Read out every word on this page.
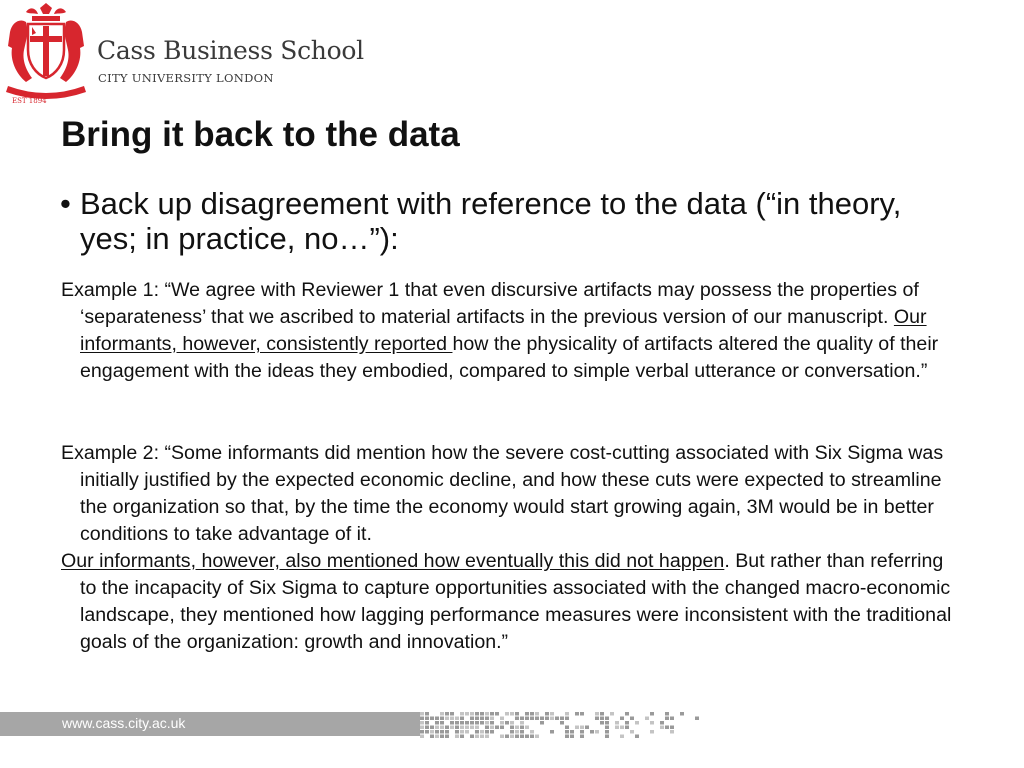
EST 1894
Cass Business School
CITY UNIVERSITY LONDON
Bring it back to the data
• Back up disagreement with reference to the data (“in theory, yes; in practice, no…”):

Example 1: “We agree with Reviewer 1 that even discursive artifacts may possess the properties of ‘separateness’ that we ascribed to material artifacts in the previous version of our manuscript. Our informants, however, consistently reported how the physicality of artifacts altered the quality of their engagement with the ideas they embodied, compared to simple verbal utterance or conversation.”

Example 2: “Some informants did mention how the severe cost-cutting associated with Six Sigma was initially justified by the expected economic decline, and how these cuts were expected to streamline the organization so that, by the time the economy would start growing again, 3M would be in better conditions to take advantage of it.

Our informants, however, also mentioned how eventually this did not happen. But rather than referring to the incapacity of Six Sigma to capture opportunities associated with the changed macro-economic landscape, they mentioned how lagging performance measures were inconsistent with the traditional goals of the organization: growth and innovation.”

www.cass.city.ac.uk
